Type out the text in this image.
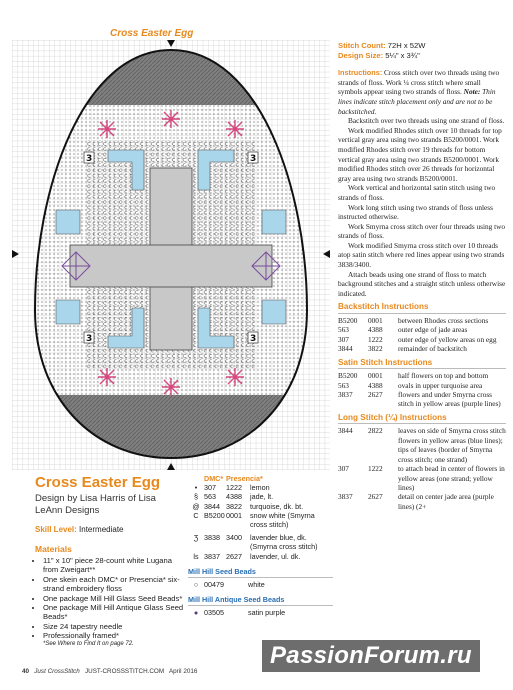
Cross Easter Egg
3	3
3	3
Stitch Count: 72H x 52W
Design Size: 5¼" x 3¾"

Instructions: Cross stitch over two threads using two strands of floss. Work ¼ cross stitch where small symbols appear using two strands of floss. Note: Thin lines indicate stitch placement only and are not to be backstitched.

Backstitch over two threads using one strand of floss.

Work modified Rhodes stitch over 10 threads for top vertical gray area using two strands B5200/0001. Work modified Rhodes stitch over 19 threads for bottom vertical gray area using two strands B5200/0001. Work modified Rhodes stitch over 26 threads for horizontal gray area using two strands B5200/0001.

Work vertical and horizontal satin stitch using two strands of floss.

Work long stitch using two strands of floss unless instructed otherwise.

Work Smyrna cross stitch over four threads using two strands of floss.

Work modified Smyrna cross stitch over 10 threads atop satin stitch where red lines appear using two strands 3838/3400.

Attach beads using one strand of floss to match background stitches and a straight stitch unless otherwise indicated.

Backstitch Instructions
B5200	0001	between Rhodes cross sections
563	4388	outer edge of jade areas
307	1222	outer edge of yellow areas on egg
3844	3822	remainder of backstitch
Satin Stitch Instructions
B5200	0001	half flowers on top and bottom
563	4388	ovals in upper turquoise area
3837	2627	flowers and under Smyrna cross stitch in yellow areas (purple lines)
Long Stitch (¼) Instructions
3844	2822	leaves on side of Smyrna cross stitch flowers in yellow areas (blue lines); tips of leaves (border of Smyrna cross stitch; one strand)
307	1222	to attach bead in center of flowers in yellow areas (one strand; yellow lines)
3837	2627	detail on center jade area (purple lines) (2+
Cross Easter Egg
Design by Lisa Harris of Lisa LeAnn Designs
Skill Level: Intermediate
Materials
• 11" x 10" piece 28-count white Lugana from Zweigart**
• One skein each DMC* or Presencia* six-strand embroidery floss
• One package Mill Hill Glass Seed Beads*
• One package Mill Hill Antique Glass Seed Beads*
• Size 24 tapestry needle
• Professionally framed*
*See Where to Find It on page 72.
DMC* Presencia*
• 307	1222	lemon
§ 563	4388	jade, lt.
@ 3844 3822	turquoise, dk. bt.
C B5200 0001	snow white (Smyrna cross stitch)
Ʒ 3838 3400	lavender blue, dk. (Smyrna cross stitch)
ls 3837 2627	lavender, ul. dk.
Mill Hill Seed Beads
○ 00479	white
Mill Hill Antique Seed Beads
● 03505	satin purple
40 Just CrossStitch JUST-CROSSSTITCH.COM April 2016
PassionForum.ru
